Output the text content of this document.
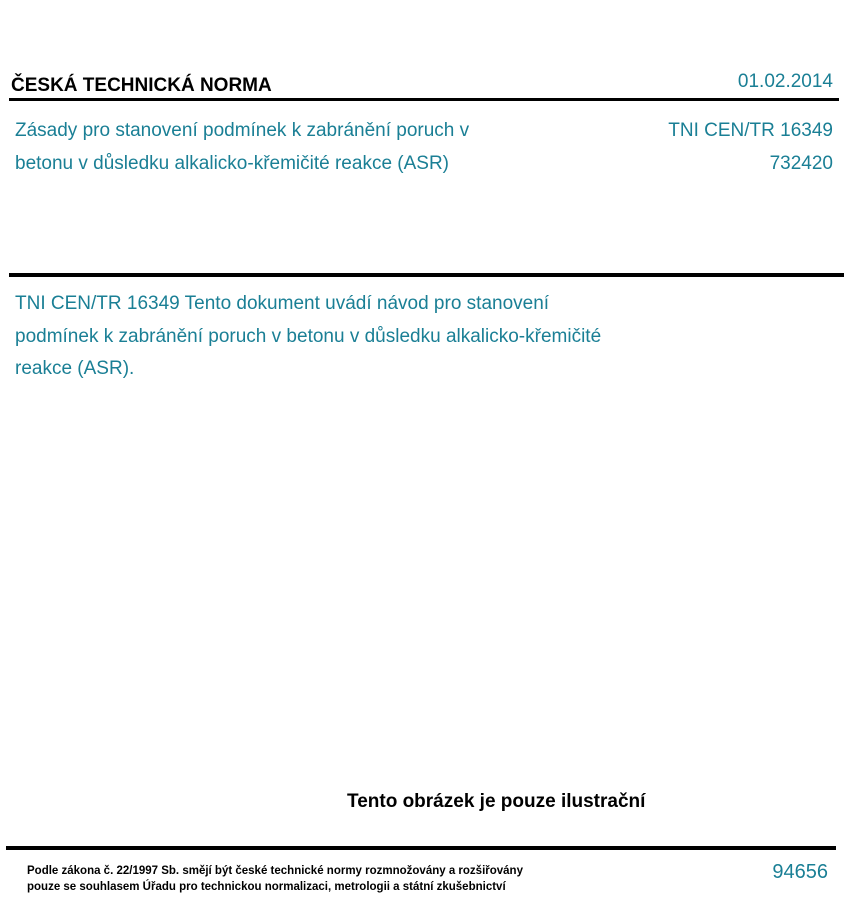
ČESKÁ TECHNICKÁ NORMA	01.02.2014
Zásady pro stanovení podmínek k zabránění poruch v betonu v důsledku alkalicko-křemičité reakce (ASR)
TNI CEN/TR 16349
732420
TNI CEN/TR 16349 Tento dokument uvádí návod pro stanovení podmínek k zabránění poruch v betonu v důsledku alkalicko-křemičité reakce (ASR).
Tento obrázek je pouze ilustrační
Podle zákona č. 22/1997 Sb. smějí být české technické normy rozmnožovány a rozšiřovány
pouze se souhlasem Úřadu pro technickou normalizaci, metrologii a státní zkušebnictví
94656
